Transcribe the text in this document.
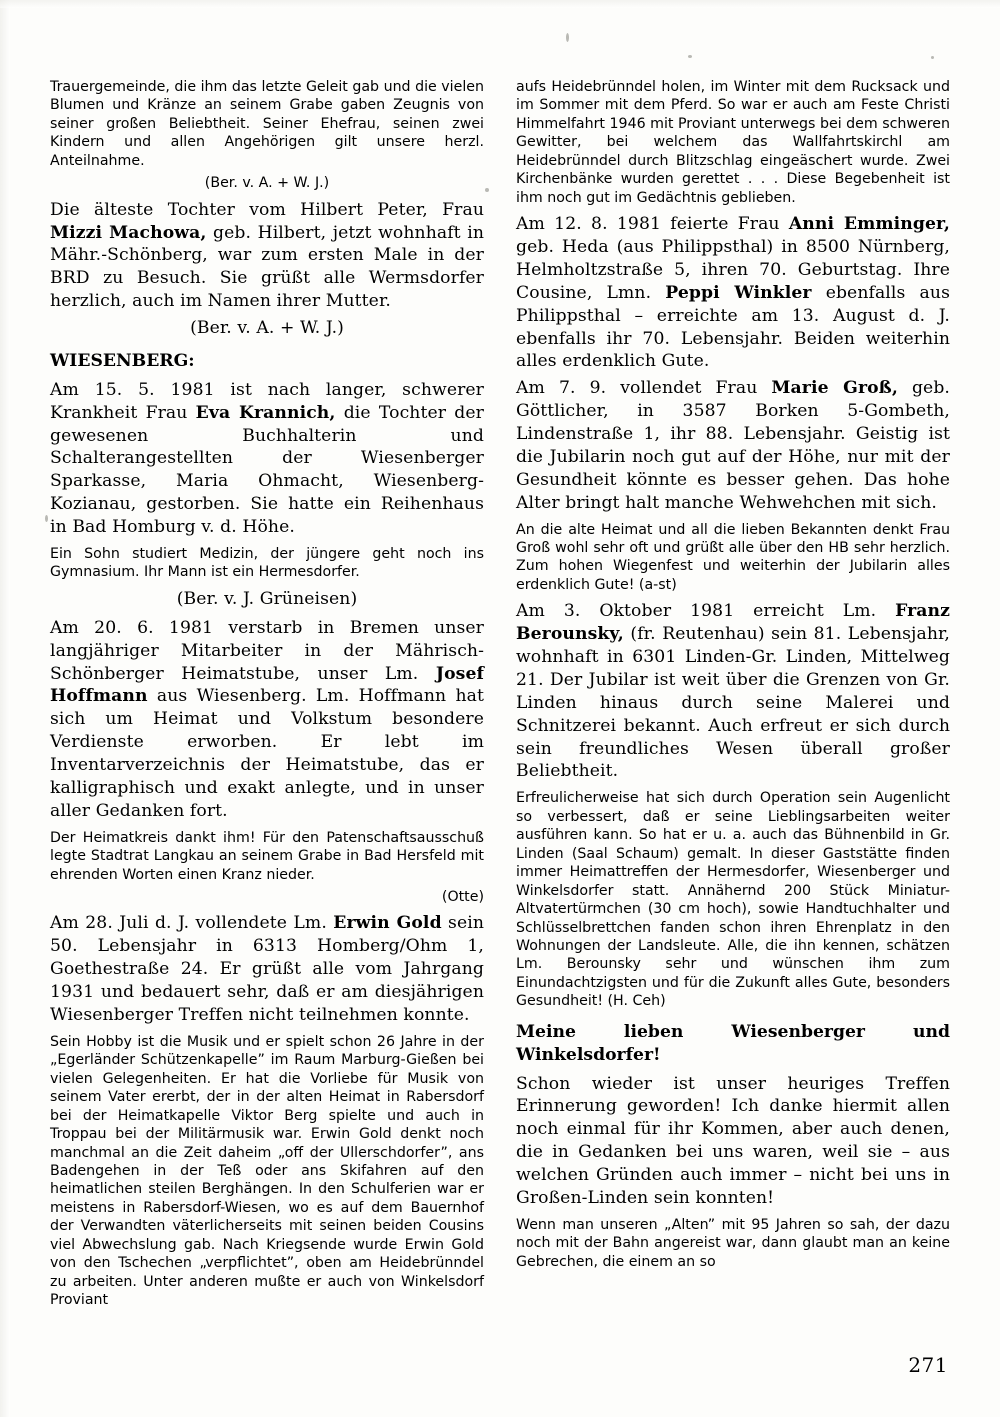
Trauergemeinde, die ihm das letzte Geleit gab und die vielen Blumen und Kränze an seinem Grabe gaben Zeugnis von seiner großen Beliebtheit. Seiner Ehefrau, seinen zwei Kindern und allen Angehörigen gilt unsere herzl. Anteilnahme.
(Ber. v. A. + W. J.)
Die älteste Tochter vom Hilbert Peter, Frau Mizzi Machowa, geb. Hilbert, jetzt wohnhaft in Mähr.-Schönberg, war zum ersten Male in der BRD zu Besuch. Sie grüßt alle Wermsdorfer herzlich, auch im Namen ihrer Mutter.
(Ber. v. A. + W. J.)
WIESENBERG:
Am 15. 5. 1981 ist nach langer, schwerer Krankheit Frau Eva Krannich, die Tochter der gewesenen Buchhalterin und Schalterangestellten der Wiesenberger Sparkasse, Maria Ohmacht, Wiesenberg-Kozianau, gestorben. Sie hatte ein Reihenhaus in Bad Homburg v. d. Höhe.
Ein Sohn studiert Medizin, der jüngere geht noch ins Gymnasium. Ihr Mann ist ein Hermesdorfer.
(Ber. v. J. Grüneisen)
Am 20. 6. 1981 verstarb in Bremen unser langjähriger Mitarbeiter in der Mährisch-Schönberger Heimatstube, unser Lm. Josef Hoffmann aus Wiesenberg. Lm. Hoffmann hat sich um Heimat und Volkstum besondere Verdienste erworben. Er lebt im Inventarverzeichnis der Heimatstube, das er kalligraphisch und exakt anlegte, und in unser aller Gedanken fort.
Der Heimatkreis dankt ihm! Für den Patenschaftsausschuß legte Stadtrat Langkau an seinem Grabe in Bad Hersfeld mit ehrenden Worten einen Kranz nieder.
(Otte)
Am 28. Juli d. J. vollendete Lm. Erwin Gold sein 50. Lebensjahr in 6313 Homberg/Ohm 1, Goethestraße 24. Er grüßt alle vom Jahrgang 1931 und bedauert sehr, daß er am diesjährigen Wiesenberger Treffen nicht teilnehmen konnte.
Sein Hobby ist die Musik und er spielt schon 26 Jahre in der „Egerländer Schützenkapelle” im Raum Marburg-Gießen bei vielen Gelegenheiten. Er hat die Vorliebe für Musik von seinem Vater ererbt, der in der alten Heimat in Rabersdorf bei der Heimatkapelle Viktor Berg spielte und auch in Troppau bei der Militärmusik war. Erwin Gold denkt noch manchmal an die Zeit daheim „off der Ullerschdorfer”, ans Badengehen in der Teß oder ans Skifahren auf den heimatlichen steilen Berghängen. In den Schulferien war er meistens in Rabersdorf-Wiesen, wo es auf dem Bauernhof der Verwandten väterlicherseits mit seinen beiden Cousins viel Abwechslung gab. Nach Kriegsende wurde Erwin Gold von den Tschechen „verpflichtet”, oben am Heidebrünndel zu arbeiten. Unter anderen mußte er auch von Winkelsdorf Proviant
aufs Heidebrünndel holen, im Winter mit dem Rucksack und im Sommer mit dem Pferd. So war er auch am Feste Christi Himmelfahrt 1946 mit Proviant unterwegs bei dem schweren Gewitter, bei welchem das Wallfahrtskirchl am Heidebrünndel durch Blitzschlag eingeäschert wurde. Zwei Kirchenbänke wurden gerettet . . . Diese Begebenheit ist ihm noch gut im Gedächtnis geblieben.
Am 12. 8. 1981 feierte Frau Anni Emminger, geb. Heda (aus Philippsthal) in 8500 Nürnberg, Helmholtzstraße 5, ihren 70. Geburtstag. Ihre Cousine, Lmn. Peppi Winkler ebenfalls aus Philippsthal – erreichte am 13. August d. J. ebenfalls ihr 70. Lebensjahr. Beiden weiterhin alles erdenklich Gute.
Am 7. 9. vollendet Frau Marie Groß, geb. Göttlicher, in 3587 Borken 5-Gombeth, Lindenstraße 1, ihr 88. Lebensjahr. Geistig ist die Jubilarin noch gut auf der Höhe, nur mit der Gesundheit könnte es besser gehen. Das hohe Alter bringt halt manche Wehwehchen mit sich.
An die alte Heimat und all die lieben Bekannten denkt Frau Groß wohl sehr oft und grüßt alle über den HB sehr herzlich. Zum hohen Wiegenfest und weiterhin der Jubilarin alles erdenklich Gute! (a-st)
Am 3. Oktober 1981 erreicht Lm. Franz Berounsky, (fr. Reutenhau) sein 81. Lebensjahr, wohnhaft in 6301 Linden-Gr. Linden, Mittelweg 21. Der Jubilar ist weit über die Grenzen von Gr. Linden hinaus durch seine Malerei und Schnitzerei bekannt. Auch erfreut er sich durch sein freundliches Wesen überall großer Beliebtheit.
Erfreulicherweise hat sich durch Operation sein Augenlicht so verbessert, daß er seine Lieblingsarbeiten weiter ausführen kann. So hat er u. a. auch das Bühnenbild in Gr. Linden (Saal Schaum) gemalt. In dieser Gaststätte finden immer Heimattreffen der Hermesdorfer, Wiesenberger und Winkelsdorfer statt. Annähernd 200 Stück Miniatur-Altvatertürmchen (30 cm hoch), sowie Handtuchhalter und Schlüsselbrettchen fanden schon ihren Ehrenplatz in den Wohnungen der Landsleute. Alle, die ihn kennen, schätzen Lm. Berounsky sehr und wünschen ihm zum Einundachtzigsten und für die Zukunft alles Gute, besonders Gesundheit! (H. Ceh)
Meine lieben Wiesenberger und Winkelsdorfer!
Schon wieder ist unser heuriges Treffen Erinnerung geworden! Ich danke hiermit allen noch einmal für ihr Kommen, aber auch denen, die in Gedanken bei uns waren, weil sie – aus welchen Gründen auch immer – nicht bei uns in Großen-Linden sein konnten!
Wenn man unseren „Alten” mit 95 Jahren so sah, der dazu noch mit der Bahn angereist war, dann glaubt man an keine Gebrechen, die einem an so
271
